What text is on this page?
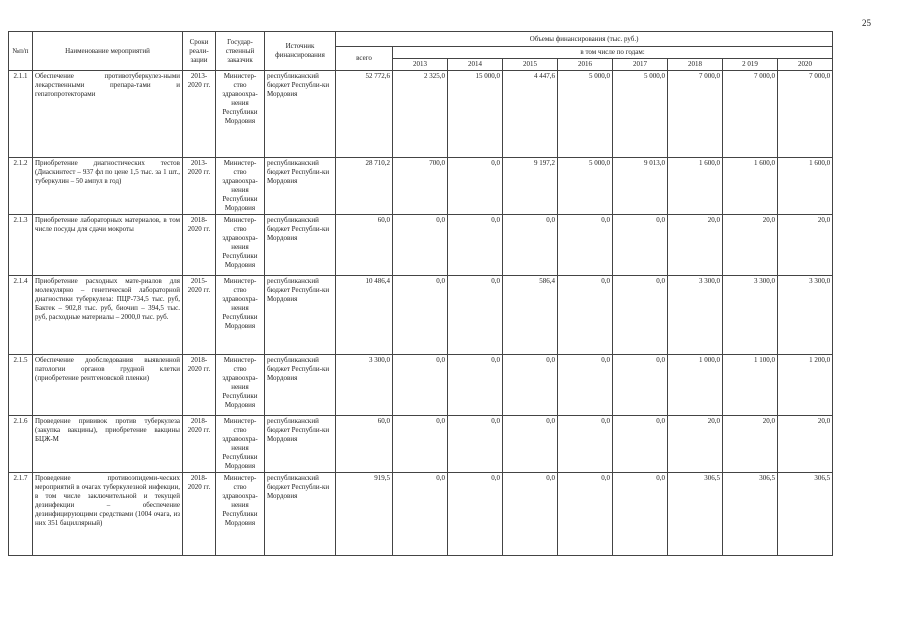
25
№п/п	Наименование мероприятий	Сроки реали-зации	Государ-ственный заказчик	Источник финансирования	Объемы финансирования (тыс. руб.)								
					всего	в том числе по годам:							
						2013	2014	2015	2016	2017	2018	2 019	2020
2.1.1	Обеспечение противотуберкулез-ными лекарственными препара-тами и гепатопротекторами	2013-2020 гг.	Министер-ство здравоохра-нения Республики Мордовия	республиканский бюджет Республи-ки Мордовия	52 772,6	2 325,0	15 000,0	4 447,6	5 000,0	5 000,0	7 000,0	7 000,0	7 000,0
2.1.2	Приобретение диагностических тестов (Диаскинтест – 937 фл по цене 1,5 тыс. за 1 шт., туберкулин – 50 ампул в год)	2013-2020 гг.	Министер-ство здравоохра-нения Республики Мордовия	республиканский бюджет Республи-ки Мордовия	28 710,2	700,0	0,0	9 197,2	5 000,0	9 013,0	1 600,0	1 600,0	1 600,0
2.1.3	Приобретение лабораторных материалов, в том числе посуды для сдачи мокроты	2018-2020 гг.	Министер-ство здравоохра-нения Республики Мордовия	республиканский бюджет Республи-ки Мордовия	60,0	0,0	0,0	0,0	0,0	0,0	20,0	20,0	20,0
2.1.4	Приобретение расходных мате-риалов для молекулярно – генетической лабораторной диагностики туберкулеза: ПЦР-734,5 тыс. руб, Бактек – 902,8 тыс. руб, биочип – 394,5 тыс. руб, расходные материалы – 2000,0 тыс. руб.	2015-2020 гг.	Министер-ство здравоохра-нения Республики Мордовия	республиканский бюджет Республи-ки Мордовия	10 486,4	0,0	0,0	586,4	0,0	0,0	3 300,0	3 300,0	3 300,0
2.1.5	Обеспечение дообследования выявленной патологии органов грудной клетки (приобретение рентгеновской пленки)	2018-2020 гг.	Министер-ство здравоохра-нения Республики Мордовия	республиканский бюджет Республи-ки Мордовия	3 300,0	0,0	0,0	0,0	0,0	0,0	1 000,0	1 100,0	1 200,0
2.1.6	Проведение прививок против туберкулеза (закупка вакцины), приобретение вакцины БЦЖ-М	2018-2020 гг.	Министер-ство здравоохра-нения Республики Мордовия	республиканский бюджет Республи-ки Мордовия	60,0	0,0	0,0	0,0	0,0	0,0	20,0	20,0	20,0
2.1.7	Проведение противоэпидеми-ческих мероприятий в очагах туберкулезной инфекции, в том числе заключительной и текущей дезинфекции – обеспечение дезинфицирующими средствами (1004 очага, из них 351 бациллярный)	2018-2020 гг.	Министер-ство здравоохра-нения Республики Мордовия	республиканский бюджет Республи-ки Мордовия	919,5	0,0	0,0	0,0	0,0	0,0	306,5	306,5	306,5
